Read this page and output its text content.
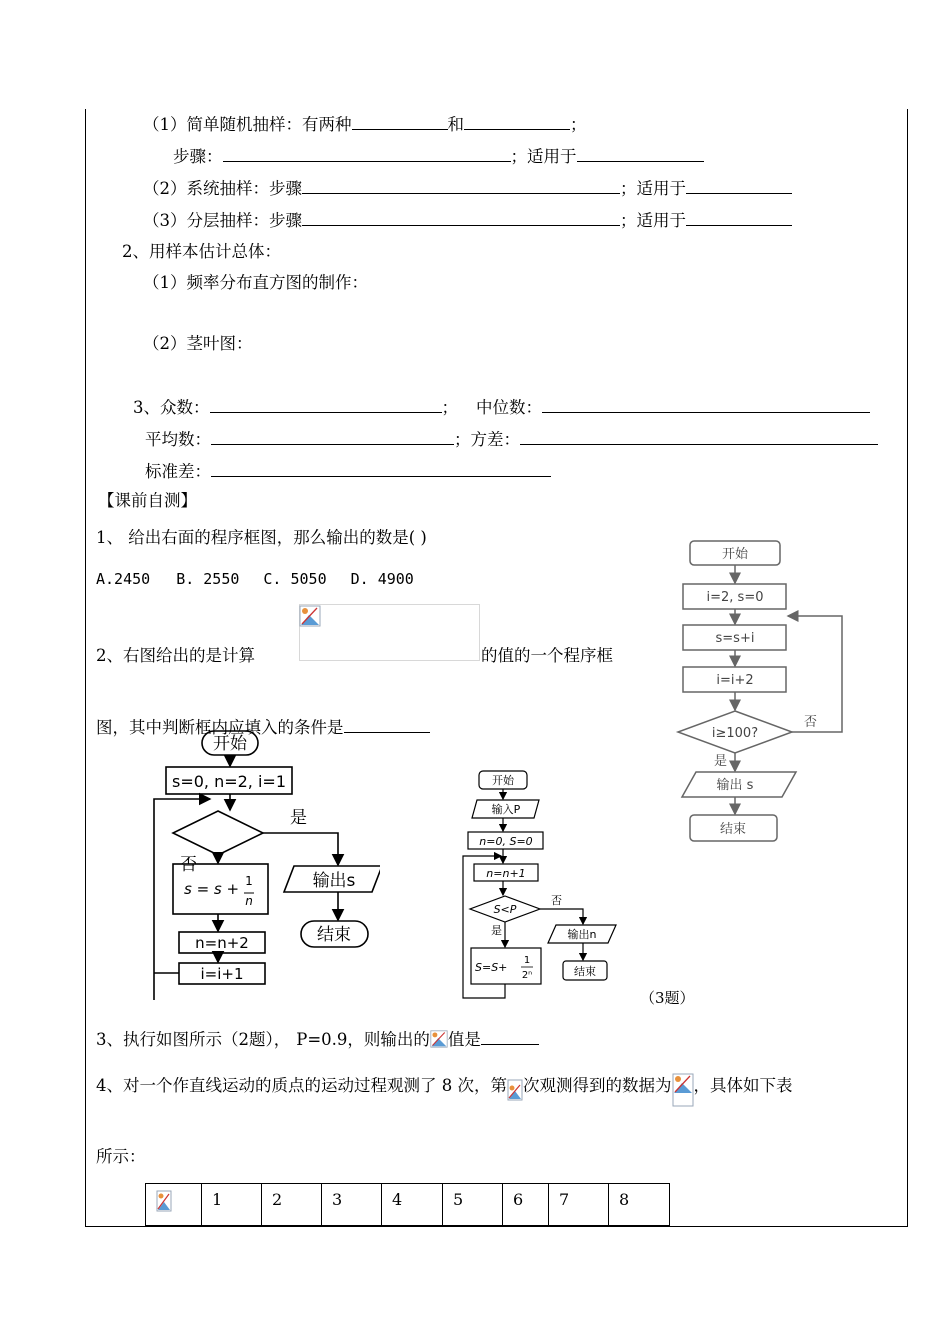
（1）简单随机抽样：有两种	和	；
步骤：	；适用于
（2）系统抽样：步骤	；适用于
（3）分层抽样：步骤	；适用于
2、用样本估计总体：
（1）频率分布直方图的制作：
（2）茎叶图：
3、众数：	； 中位数：
平均数：	；方差：
标准差：
【课前自测】
1、 给出右面的程序框图，那么输出的数是( )
A.2450 B. 2550 C. 5050 D. 4900
2、右图给出的是计算	的值的一个程序框
图，其中判断框内应填入的条件是
开始
i=2, s=0
s=s+i
i=i+2
i≥100?
否
是
输出 s
结束
开始
s=0, n=2, i=1
是
否
s = s + 1
n
n=n+2
i=i+1
输出s
结束
开始
输入P
n=0, S=0
n=n+1
S<P
否
是
S=S+
1
2ⁿ
输出n
结束
（3题）
3、执行如图所示（2题）， P=0.9，则输出的 值是
4、对一个作直线运动的质点的运动过程观测了 8 次，第 次观测得到的数据为 ，具体如下表
所示：
	1	2	3	4	5	6	7	8
